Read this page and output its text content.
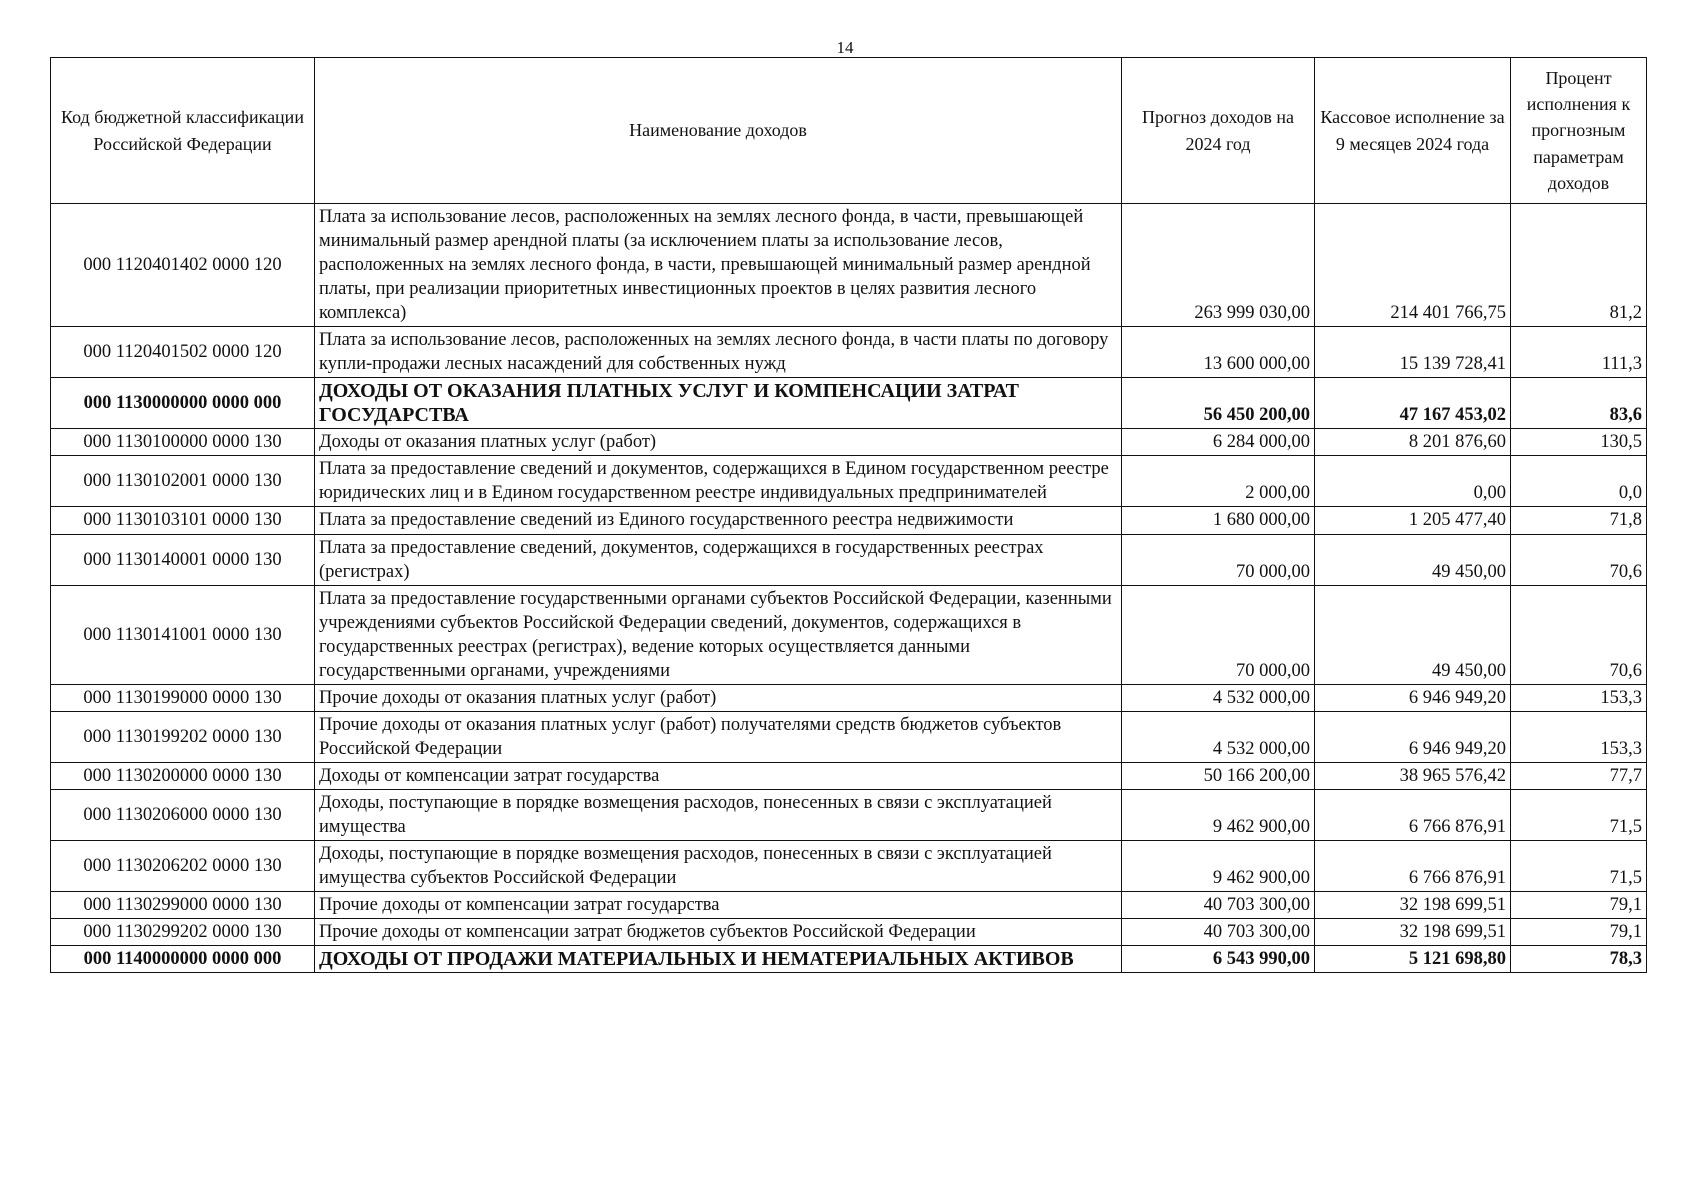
14
Код бюджетной классификации Российской Федерации	Наименование доходов	Прогноз доходов на 2024 год	Кассовое исполнение за 9 месяцев 2024 года	Процент исполнения к прогнозным параметрам доходов
000 1120401402 0000 120	Плата за использование лесов, расположенных на землях лесного фонда, в части, превышающей минимальный размер арендной платы (за исключением платы за использование лесов, расположенных на землях лесного фонда, в части, превышающей минимальный размер арендной платы, при реализации приоритетных инвестиционных проектов в целях развития лесного комплекса)	263 999 030,00	214 401 766,75	81,2
000 1120401502 0000 120	Плата за использование лесов, расположенных на землях лесного фонда, в части платы по договору купли-продажи лесных насаждений для собственных нужд	13 600 000,00	15 139 728,41	111,3
000 1130000000 0000 000	ДОХОДЫ ОТ ОКАЗАНИЯ ПЛАТНЫХ УСЛУГ И КОМПЕНСАЦИИ ЗАТРАТ ГОСУДАРСТВА	56 450 200,00	47 167 453,02	83,6
000 1130100000 0000 130	Доходы от оказания платных услуг (работ)	6 284 000,00	8 201 876,60	130,5
000 1130102001 0000 130	Плата за предоставление сведений и документов, содержащихся в Едином государственном реестре юридических лиц и в Едином государственном реестре индивидуальных предпринимателей	2 000,00	0,00	0,0
000 1130103101 0000 130	Плата за предоставление сведений из Единого государственного реестра недвижимости	1 680 000,00	1 205 477,40	71,8
000 1130140001 0000 130	Плата за предоставление сведений, документов, содержащихся в государственных реестрах (регистрах)	70 000,00	49 450,00	70,6
000 1130141001 0000 130	Плата за предоставление государственными органами субъектов Российской Федерации, казенными учреждениями субъектов Российской Федерации сведений, документов, содержащихся в государственных реестрах (регистрах), ведение которых осуществляется данными государственными органами, учреждениями	70 000,00	49 450,00	70,6
000 1130199000 0000 130	Прочие доходы от оказания платных услуг (работ)	4 532 000,00	6 946 949,20	153,3
000 1130199202 0000 130	Прочие доходы от оказания платных услуг (работ) получателями средств бюджетов субъектов Российской Федерации	4 532 000,00	6 946 949,20	153,3
000 1130200000 0000 130	Доходы от компенсации затрат государства	50 166 200,00	38 965 576,42	77,7
000 1130206000 0000 130	Доходы, поступающие в порядке возмещения расходов, понесенных в связи с эксплуатацией имущества	9 462 900,00	6 766 876,91	71,5
000 1130206202 0000 130	Доходы, поступающие в порядке возмещения расходов, понесенных в связи с эксплуатацией имущества субъектов Российской Федерации	9 462 900,00	6 766 876,91	71,5
000 1130299000 0000 130	Прочие доходы от компенсации затрат государства	40 703 300,00	32 198 699,51	79,1
000 1130299202 0000 130	Прочие доходы от компенсации затрат бюджетов субъектов Российской Федерации	40 703 300,00	32 198 699,51	79,1
000 1140000000 0000 000	ДОХОДЫ ОТ ПРОДАЖИ МАТЕРИАЛЬНЫХ И НЕМАТЕРИАЛЬНЫХ АКТИВОВ	6 543 990,00	5 121 698,80	78,3
